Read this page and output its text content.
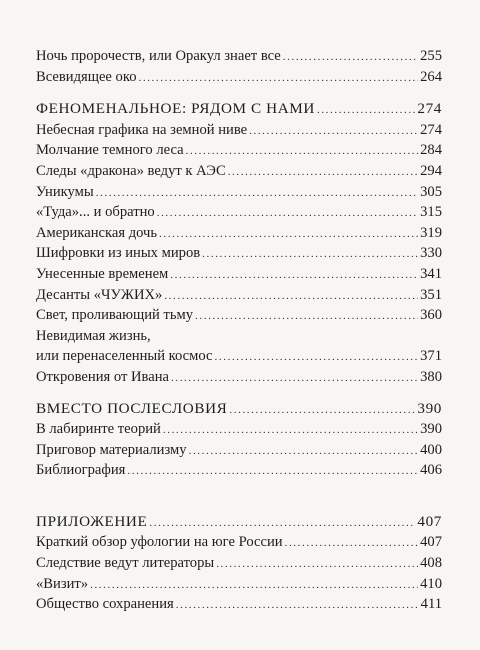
Ночь пророчеств, или Оракул знает все .....	255
Всевидящее око .....	264
ФЕНОМЕНАЛЬНОЕ: РЯДОМ С НАМИ .....	274
Небесная графика на земной ниве .....	274
Молчание темного леса .....	284
Следы «дракона» ведут к АЭС .....	294
Уникумы .....	305
«Туда»... и обратно .....	315
Американская дочь .....	319
Шифровки из иных миров .....	330
Унесенные временем .....	341
Десанты «ЧУЖИХ» .....	351
Свет, проливающий тьму .....	360
Невидимая жизнь,
или перенаселенный космос .....	371
Откровения от Ивана .....	380
ВМЕСТО ПОСЛЕСЛОВИЯ .....	390
В лабиринте теорий .....	390
Приговор материализму .....	400
Библиография .....	406
ПРИЛОЖЕНИЕ .....	407
Краткий обзор уфологии на юге России .....	407
Следствие ведут литераторы .....	408
«Визит» .....	410
Общество сохранения .....	411
